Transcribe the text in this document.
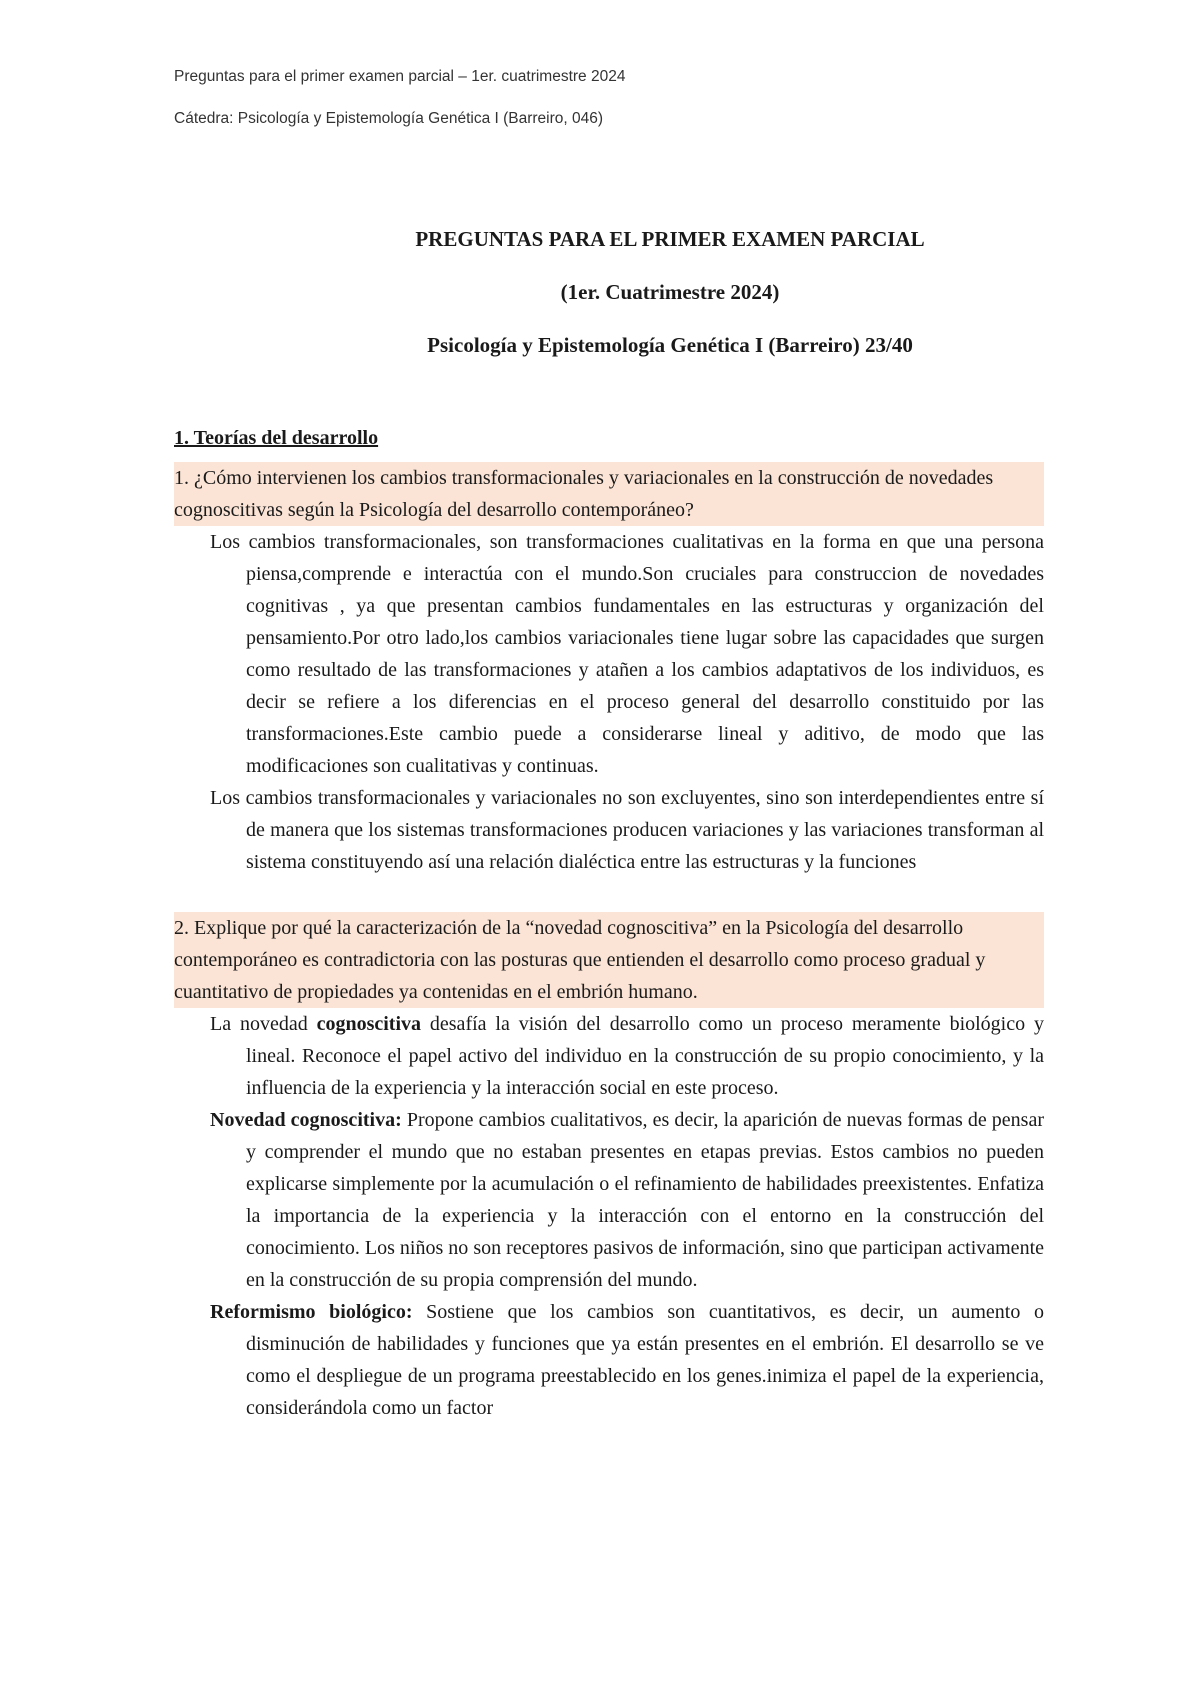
Preguntas para el primer examen parcial – 1er. cuatrimestre 2024
Cátedra: Psicología y Epistemología Genética I (Barreiro, 046)
PREGUNTAS PARA EL PRIMER EXAMEN PARCIAL
(1er. Cuatrimestre 2024)
Psicología y Epistemología Genética I (Barreiro) 23/40
1. Teorías del desarrollo

1. ¿Cómo intervienen los cambios transformacionales y variacionales en la construcción de novedades cognoscitivas según la Psicología del desarrollo contemporáneo?

Los cambios transformacionales, son transformaciones cualitativas en la forma en que una persona piensa,comprende e interactúa con el mundo.Son cruciales para construccion de novedades cognitivas , ya que presentan cambios fundamentales en las estructuras y organización del pensamiento.Por otro lado,los cambios variacionales tiene lugar sobre las capacidades que surgen como resultado de las transformaciones y atañen a los cambios adaptativos de los individuos, es decir se refiere a los diferencias en el proceso general del desarrollo constituido por las transformaciones.Este cambio puede a considerarse lineal y aditivo, de modo que las modificaciones son cualitativas y continuas.

Los cambios transformacionales y variacionales no son excluyentes, sino son interdependientes entre sí de manera que los sistemas transformaciones producen variaciones y las variaciones transforman al sistema constituyendo así una relación dialéctica entre las estructuras y la funciones

2. Explique por qué la caracterización de la “novedad cognoscitiva” en la Psicología del desarrollo contemporáneo es contradictoria con las posturas que entienden el desarrollo como proceso gradual y cuantitativo de propiedades ya contenidas en el embrión humano.

La novedad cognoscitiva desafía la visión del desarrollo como un proceso meramente biológico y lineal. Reconoce el papel activo del individuo en la construcción de su propio conocimiento, y la influencia de la experiencia y la interacción social en este proceso.

Novedad cognoscitiva: Propone cambios cualitativos, es decir, la aparición de nuevas formas de pensar y comprender el mundo que no estaban presentes en etapas previas. Estos cambios no pueden explicarse simplemente por la acumulación o el refinamiento de habilidades preexistentes. Enfatiza la importancia de la experiencia y la interacción con el entorno en la construcción del conocimiento. Los niños no son receptores pasivos de información, sino que participan activamente en la construcción de su propia comprensión del mundo.

Reformismo biológico: Sostiene que los cambios son cuantitativos, es decir, un aumento o disminución de habilidades y funciones que ya están presentes en el embrión. El desarrollo se ve como el despliegue de un programa preestablecido en los genes.inimiza el papel de la experiencia, considerándola como un factor
